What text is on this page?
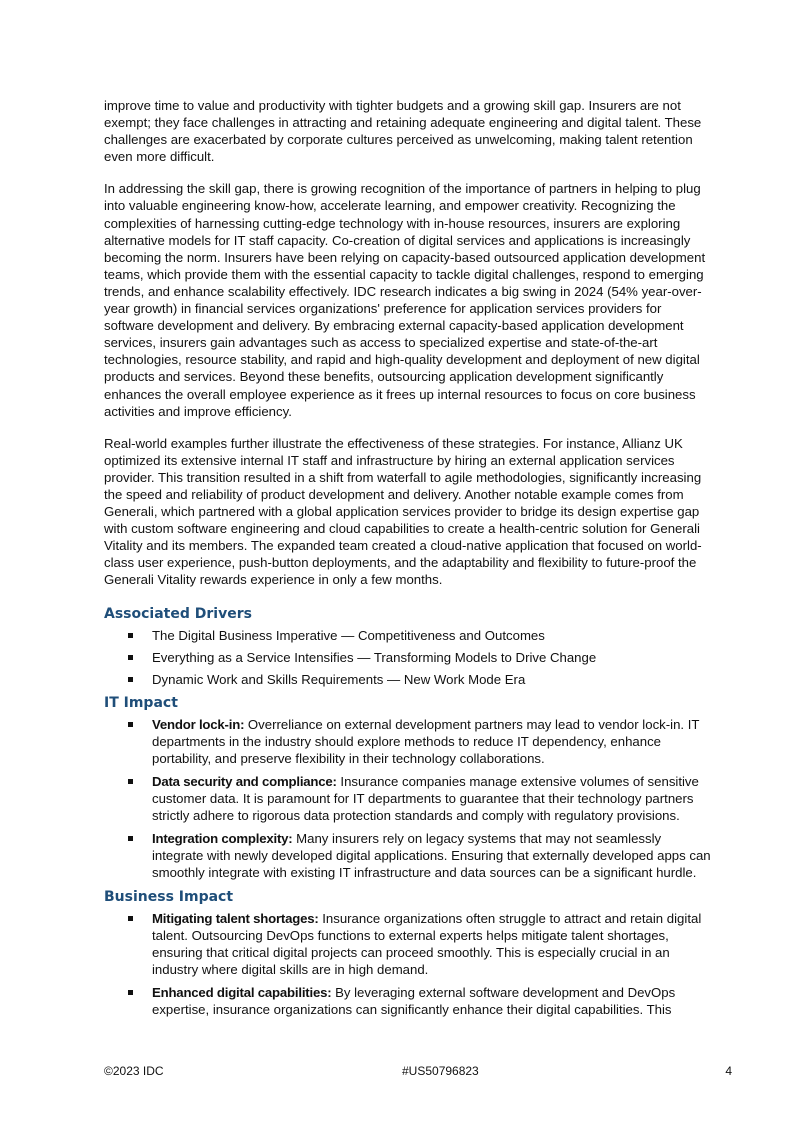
improve time to value and productivity with tighter budgets and a growing skill gap. Insurers are not exempt; they face challenges in attracting and retaining adequate engineering and digital talent. These challenges are exacerbated by corporate cultures perceived as unwelcoming, making talent retention even more difficult.

In addressing the skill gap, there is growing recognition of the importance of partners in helping to plug into valuable engineering know-how, accelerate learning, and empower creativity. Recognizing the complexities of harnessing cutting-edge technology with in-house resources, insurers are exploring alternative models for IT staff capacity. Co-creation of digital services and applications is increasingly becoming the norm. Insurers have been relying on capacity-based outsourced application development teams, which provide them with the essential capacity to tackle digital challenges, respond to emerging trends, and enhance scalability effectively. IDC research indicates a big swing in 2024 (54% year-over-year growth) in financial services organizations' preference for application services providers for software development and delivery. By embracing external capacity-based application development services, insurers gain advantages such as access to specialized expertise and state-of-the-art technologies, resource stability, and rapid and high-quality development and deployment of new digital products and services. Beyond these benefits, outsourcing application development significantly enhances the overall employee experience as it frees up internal resources to focus on core business activities and improve efficiency.

Real-world examples further illustrate the effectiveness of these strategies. For instance, Allianz UK optimized its extensive internal IT staff and infrastructure by hiring an external application services provider. This transition resulted in a shift from waterfall to agile methodologies, significantly increasing the speed and reliability of product development and delivery. Another notable example comes from Generali, which partnered with a global application services provider to bridge its design expertise gap with custom software engineering and cloud capabilities to create a health-centric solution for Generali Vitality and its members. The expanded team created a cloud-native application that focused on world-class user experience, push-button deployments, and the adaptability and flexibility to future-proof the Generali Vitality rewards experience in only a few months.

Associated Drivers
The Digital Business Imperative — Competitiveness and Outcomes
Everything as a Service Intensifies — Transforming Models to Drive Change
Dynamic Work and Skills Requirements — New Work Mode Era
IT Impact
Vendor lock-in: Overreliance on external development partners may lead to vendor lock-in. IT departments in the industry should explore methods to reduce IT dependency, enhance portability, and preserve flexibility in their technology collaborations.
Data security and compliance: Insurance companies manage extensive volumes of sensitive customer data. It is paramount for IT departments to guarantee that their technology partners strictly adhere to rigorous data protection standards and comply with regulatory provisions.
Integration complexity: Many insurers rely on legacy systems that may not seamlessly integrate with newly developed digital applications. Ensuring that externally developed apps can smoothly integrate with existing IT infrastructure and data sources can be a significant hurdle.
Business Impact
Mitigating talent shortages: Insurance organizations often struggle to attract and retain digital talent. Outsourcing DevOps functions to external experts helps mitigate talent shortages, ensuring that critical digital projects can proceed smoothly. This is especially crucial in an industry where digital skills are in high demand.
Enhanced digital capabilities: By leveraging external software development and DevOps expertise, insurance organizations can significantly enhance their digital capabilities. This
©2023 IDC	#US50796823	4
